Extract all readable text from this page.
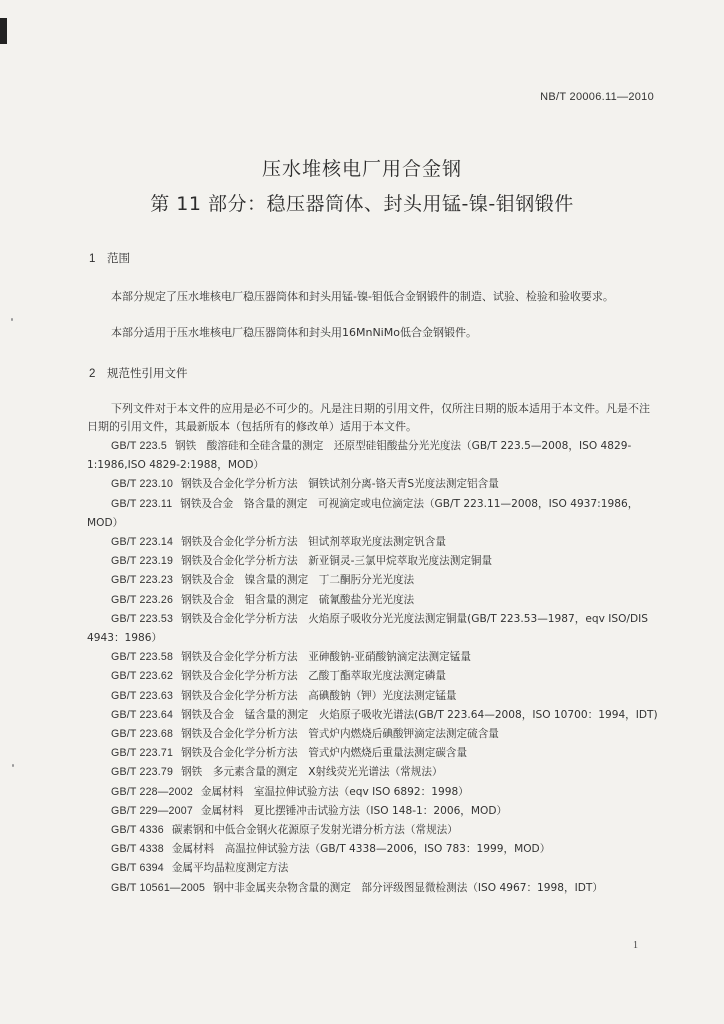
NB/T 20006.11—2010
压水堆核电厂用合金钢
第 11 部分：稳压器筒体、封头用锰-镍-钼钢锻件
1 范围
本部分规定了压水堆核电厂稳压器筒体和封头用锰-镍-钼低合金钢锻件的制造、试验、检验和验收要求。
本部分适用于压水堆核电厂稳压器筒体和封头用16MnNiMo低合金钢锻件。
2 规范性引用文件
下列文件对于本文件的应用是必不可少的。凡是注日期的引用文件，仅所注日期的版本适用于本文件。凡是不注日期的引用文件，其最新版本（包括所有的修改单）适用于本文件。
GB/T 223.5 钢铁　酸溶硅和全硅含量的测定　还原型硅钼酸盐分光光度法（GB/T 223.5—2008，ISO 4829-1:1986,ISO 4829-2:1988，MOD）
GB/T 223.10 钢铁及合金化学分析方法　铜铁试剂分离-铬天青S光度法测定铝含量
GB/T 223.11 钢铁及合金　铬含量的测定　可视滴定或电位滴定法（GB/T 223.11—2008，ISO 4937:1986，MOD）
GB/T 223.14 钢铁及合金化学分析方法　钽试剂萃取光度法测定钒含量
GB/T 223.19 钢铁及合金化学分析方法　新亚铜灵-三氯甲烷萃取光度法测定铜量
GB/T 223.23 钢铁及合金　镍含量的测定　丁二酮肟分光光度法
GB/T 223.26 钢铁及合金　钼含量的测定　硫氰酸盐分光光度法
GB/T 223.53 钢铁及合金化学分析方法　火焰原子吸收分光光度法测定铜量(GB/T 223.53—1987，eqv ISO/DIS 4943：1986）
GB/T 223.58 钢铁及合金化学分析方法　亚砷酸钠-亚硝酸钠滴定法测定锰量
GB/T 223.62 钢铁及合金化学分析方法　乙酸丁酯萃取光度法测定磷量
GB/T 223.63 钢铁及合金化学分析方法　高碘酸钠（钾）光度法测定锰量
GB/T 223.64 钢铁及合金　锰含量的测定　火焰原子吸收光谱法(GB/T 223.64—2008，ISO 10700：1994，IDT)
GB/T 223.68 钢铁及合金化学分析方法　管式炉内燃烧后碘酸钾滴定法测定硫含量
GB/T 223.71 钢铁及合金化学分析方法　管式炉内燃烧后重量法测定碳含量
GB/T 223.79 钢铁　多元素含量的测定　X射线荧光光谱法（常规法）
GB/T 228—2002 金属材料　室温拉伸试验方法（eqv ISO 6892：1998）
GB/T 229—2007 金属材料　夏比摆锤冲击试验方法（ISO 148-1：2006，MOD）
GB/T 4336 碳素钢和中低合金钢火花源原子发射光谱分析方法（常规法）
GB/T 4338 金属材料　高温拉伸试验方法（GB/T 4338—2006，ISO 783：1999，MOD）
GB/T 6394 金属平均晶粒度测定方法
GB/T 10561—2005 钢中非金属夹杂物含量的测定　部分评级图显微检测法（ISO 4967：1998，IDT）
1
